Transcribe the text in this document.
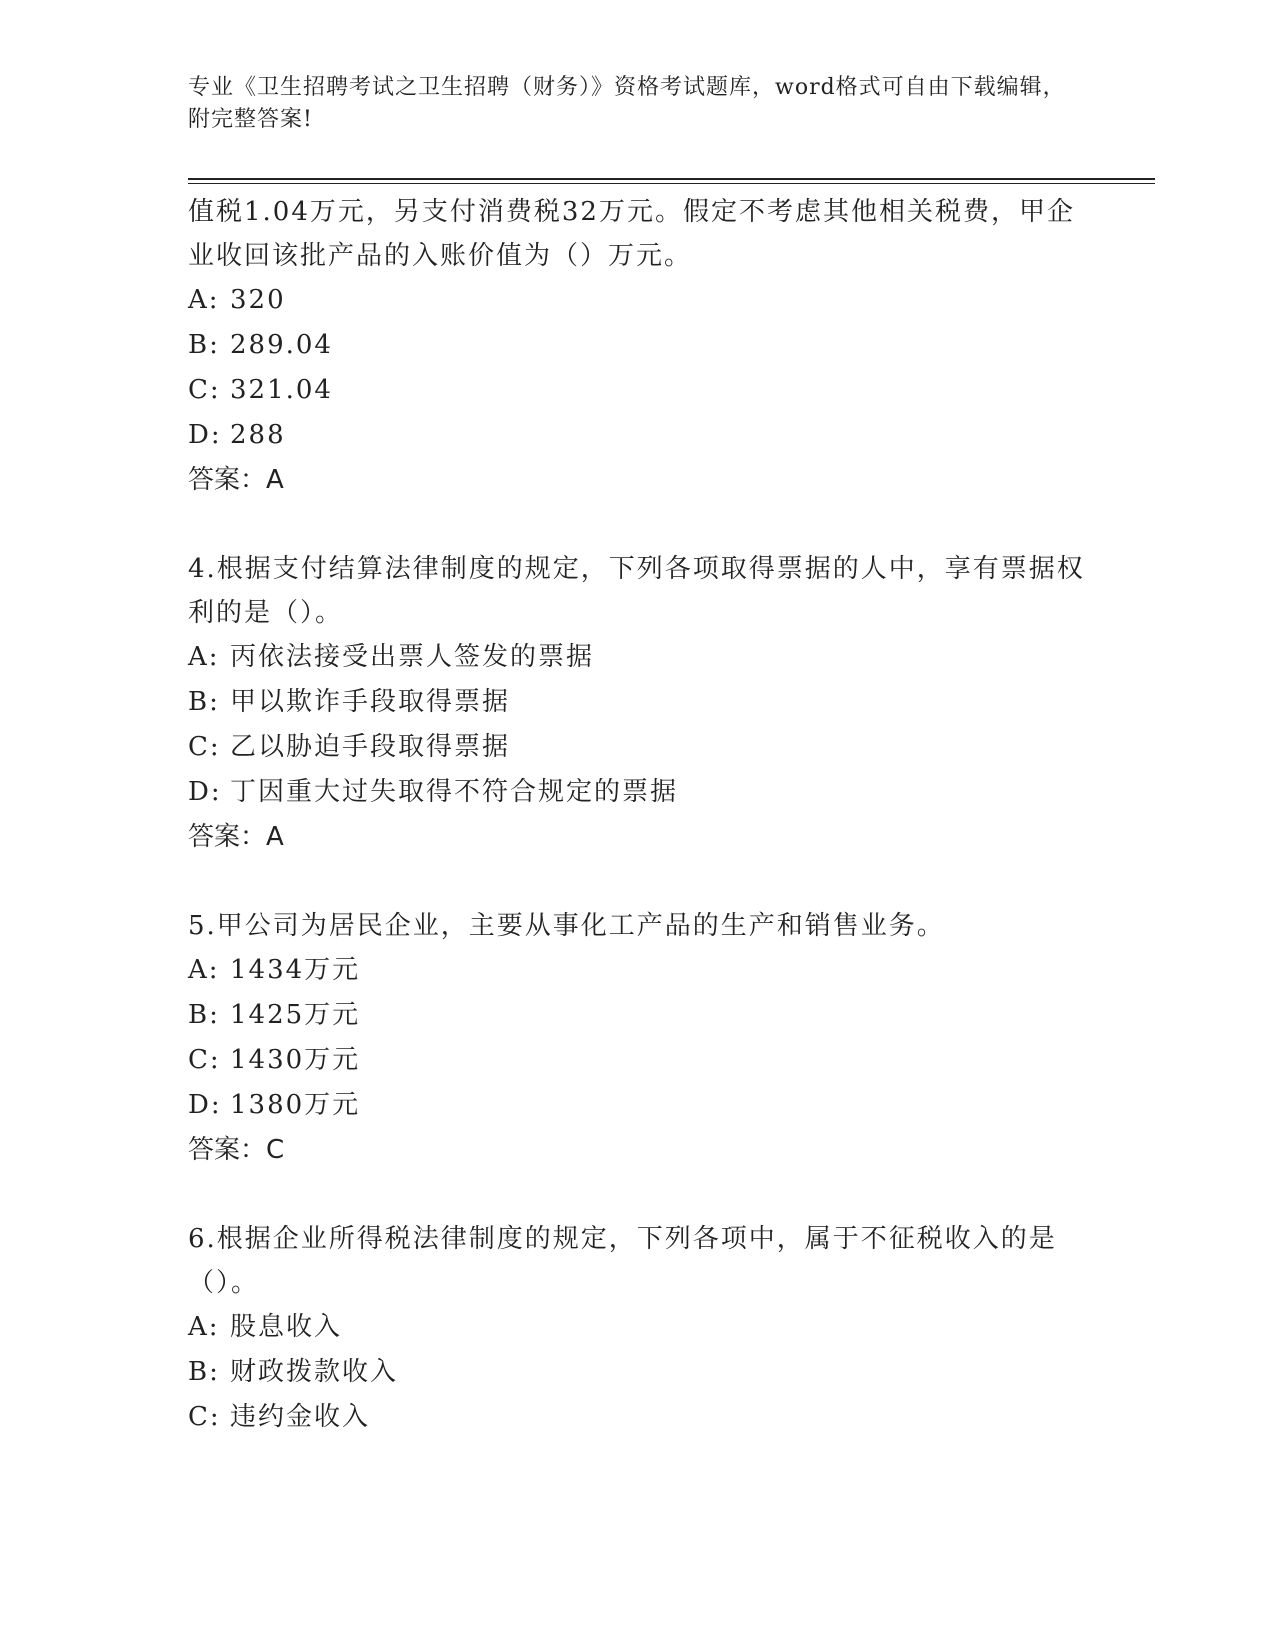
专业《卫生招聘考试之卫生招聘（财务）》资格考试题库，word格式可自由下载编辑，附完整答案!

值税1.04万元，另支付消费税32万元。假定不考虑其他相关税费，甲企业收回该批产品的入账价值为（）万元。

A: 320

B: 289.04

C: 321.04

D: 288

答案：A

4.根据支付结算法律制度的规定，下列各项取得票据的人中，享有票据权利的是（）。

A: 丙依法接受出票人签发的票据

B: 甲以欺诈手段取得票据

C: 乙以胁迫手段取得票据

D: 丁因重大过失取得不符合规定的票据

答案：A

5.甲公司为居民企业，主要从事化工产品的生产和销售业务。

A: 1434万元

B: 1425万元

C: 1430万元

D: 1380万元

答案：C

6.根据企业所得税法律制度的规定，下列各项中，属于不征税收入的是（）。

A: 股息收入

B: 财政拨款收入

C: 违约金收入
